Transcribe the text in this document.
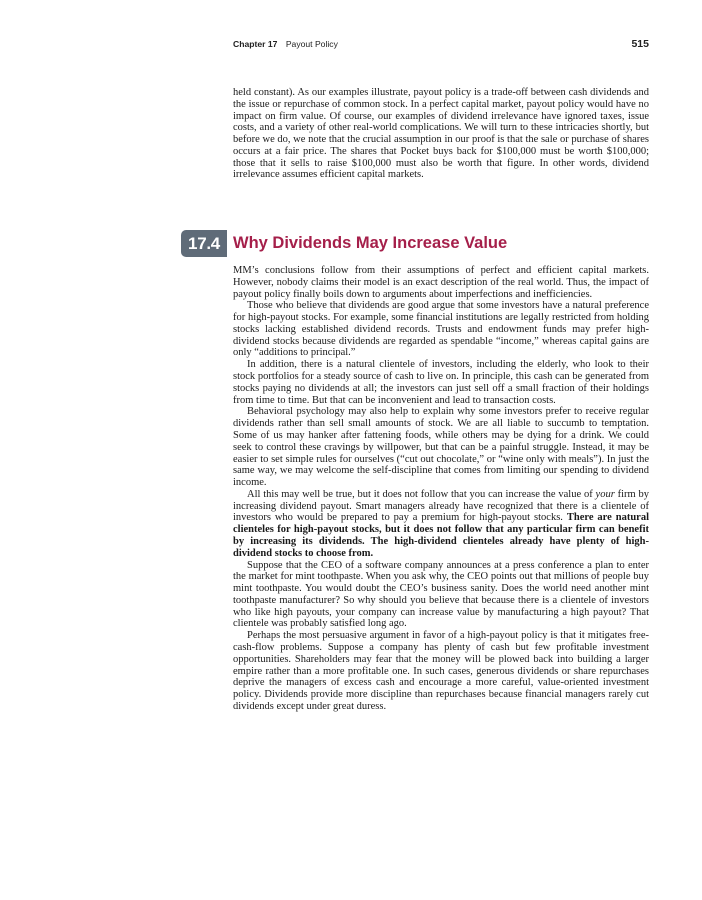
Chapter 17 Payout Policy	515

held constant). As our examples illustrate, payout policy is a trade-off between cash dividends and the issue or repurchase of common stock. In a perfect capital market, payout policy would have no impact on firm value. Of course, our examples of dividend irrelevance have ignored taxes, issue costs, and a variety of other real-world complications. We will turn to these intricacies shortly, but before we do, we note that the crucial assumption in our proof is that the sale or purchase of shares occurs at a fair price. The shares that Pocket buys back for $100,000 must be worth $100,000; those that it sells to raise $100,000 must also be worth that figure. In other words, dividend irrelevance assumes efficient capital markets.

17.4 Why Dividends May Increase Value

MM’s conclusions follow from their assumptions of perfect and efficient capital markets. However, nobody claims their model is an exact description of the real world. Thus, the impact of payout policy finally boils down to arguments about imperfections and inefficiencies.

Those who believe that dividends are good argue that some investors have a natural preference for high-payout stocks. For example, some financial institutions are legally restricted from holding stocks lacking established dividend records. Trusts and endowment funds may prefer high-dividend stocks because dividends are regarded as spendable “income,” whereas capital gains are only “additions to principal.”

In addition, there is a natural clientele of investors, including the elderly, who look to their stock portfolios for a steady source of cash to live on. In principle, this cash can be generated from stocks paying no dividends at all; the investors can just sell off a small fraction of their holdings from time to time. But that can be inconvenient and lead to transaction costs.

Behavioral psychology may also help to explain why some investors prefer to receive regular dividends rather than sell small amounts of stock. We are all liable to succumb to temptation. Some of us may hanker after fattening foods, while others may be dying for a drink. We could seek to control these cravings by willpower, but that can be a painful struggle. Instead, it may be easier to set simple rules for ourselves (“cut out chocolate,” or “wine only with meals”). In just the same way, we may welcome the self-discipline that comes from limiting our spending to dividend income.

All this may well be true, but it does not follow that you can increase the value of your firm by increasing dividend payout. Smart managers already have recognized that there is a clientele of investors who would be prepared to pay a premium for high-payout stocks. There are natural clienteles for high-payout stocks, but it does not follow that any particular firm can benefit by increasing its dividends. The high-dividend clienteles already have plenty of high-dividend stocks to choose from.

Suppose that the CEO of a software company announces at a press conference a plan to enter the market for mint toothpaste. When you ask why, the CEO points out that millions of people buy mint toothpaste. You would doubt the CEO’s business sanity. Does the world need another mint toothpaste manufacturer? So why should you believe that because there is a clientele of investors who like high payouts, your company can increase value by manufacturing a high payout? That clientele was probably satisfied long ago.

Perhaps the most persuasive argument in favor of a high-payout policy is that it mitigates free-cash-flow problems. Suppose a company has plenty of cash but few profitable investment opportunities. Shareholders may fear that the money will be plowed back into building a larger empire rather than a more profitable one. In such cases, generous dividends or share repurchases deprive the managers of excess cash and encourage a more careful, value-oriented investment policy. Dividends provide more discipline than repurchases because financial managers rarely cut dividends except under great duress.
